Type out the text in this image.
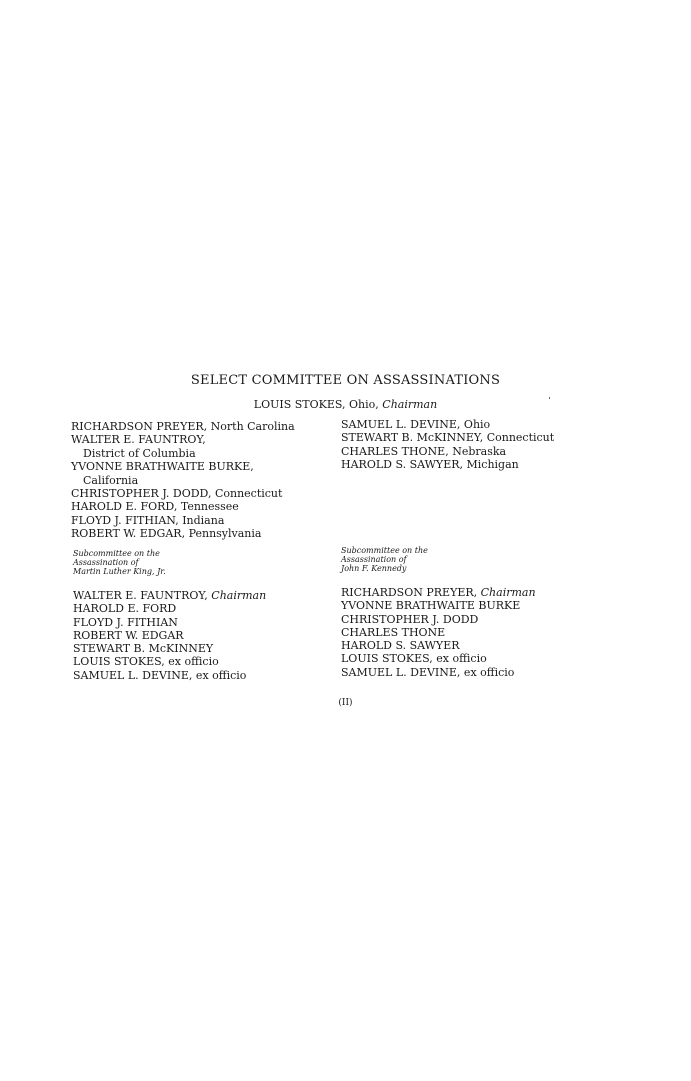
SELECT COMMITTEE ON ASSASSINATIONS
LOUIS STOKES, Ohio, Chairman
RICHARDSON PREYER, North Carolina
WALTER E. FAUNTROY,
District of Columbia
YVONNE BRATHWAITE BURKE,
California
CHRISTOPHER J. DODD, Connecticut
HAROLD E. FORD, Tennessee
FLOYD J. FITHIAN, Indiana
ROBERT W. EDGAR, Pennsylvania
SAMUEL L. DEVINE, Ohio
STEWART B. McKINNEY, Connecticut
CHARLES THONE, Nebraska
HAROLD S. SAWYER, Michigan
Subcommittee on the
Assassination of
Martin Luther King, Jr.
Subcommittee on the
Assassination of
John F. Kennedy
WALTER E. FAUNTROY, Chairman
HAROLD E. FORD
FLOYD J. FITHIAN
ROBERT W. EDGAR
STEWART B. McKINNEY
LOUIS STOKES, ex officio
SAMUEL L. DEVINE, ex officio
RICHARDSON PREYER, Chairman
YVONNE BRATHWAITE BURKE
CHRISTOPHER J. DODD
CHARLES THONE
HAROLD S. SAWYER
LOUIS STOKES, ex officio
SAMUEL L. DEVINE, ex officio
(II)
